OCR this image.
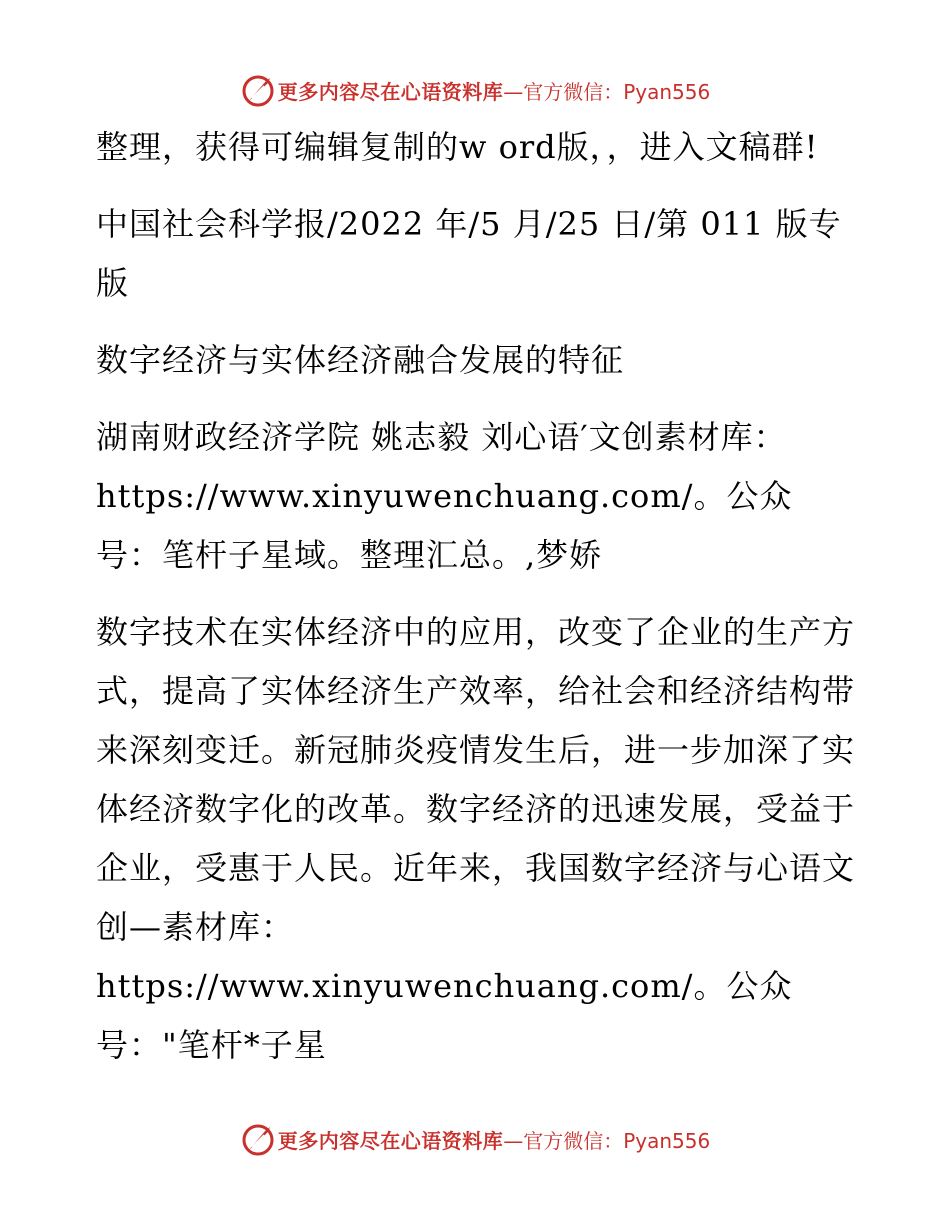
更多内容尽在心语资料库 —官方微信：Pyan556

整理，获得可编辑复制的w ord版，，进入文稿群!

中国社会科学报/2022 年/5 月/25 日/第 011 版专版

数字经济与实体经济融合发展的特征

湖南财政经济学院 姚志毅 刘心语′文创素材库：https://www.xinyuwenchuang.com/。公众号：笔杆子星域。整理汇总。,梦娇

数字技术在实体经济中的应用，改变了企业的生产方式，提高了实体经济生产效率，给社会和经济结构带来深刻变迁。新冠肺炎疫情发生后，进一步加深了实体经济数字化的改革。数字经济的迅速发展，受益于企业，受惠于人民。近年来，我国数字经济与心语文创—素材库：https://www.xinyuwenchuang.com/。公众号："笔杆*子星

更多内容尽在心语资料库 —官方微信：Pyan556
